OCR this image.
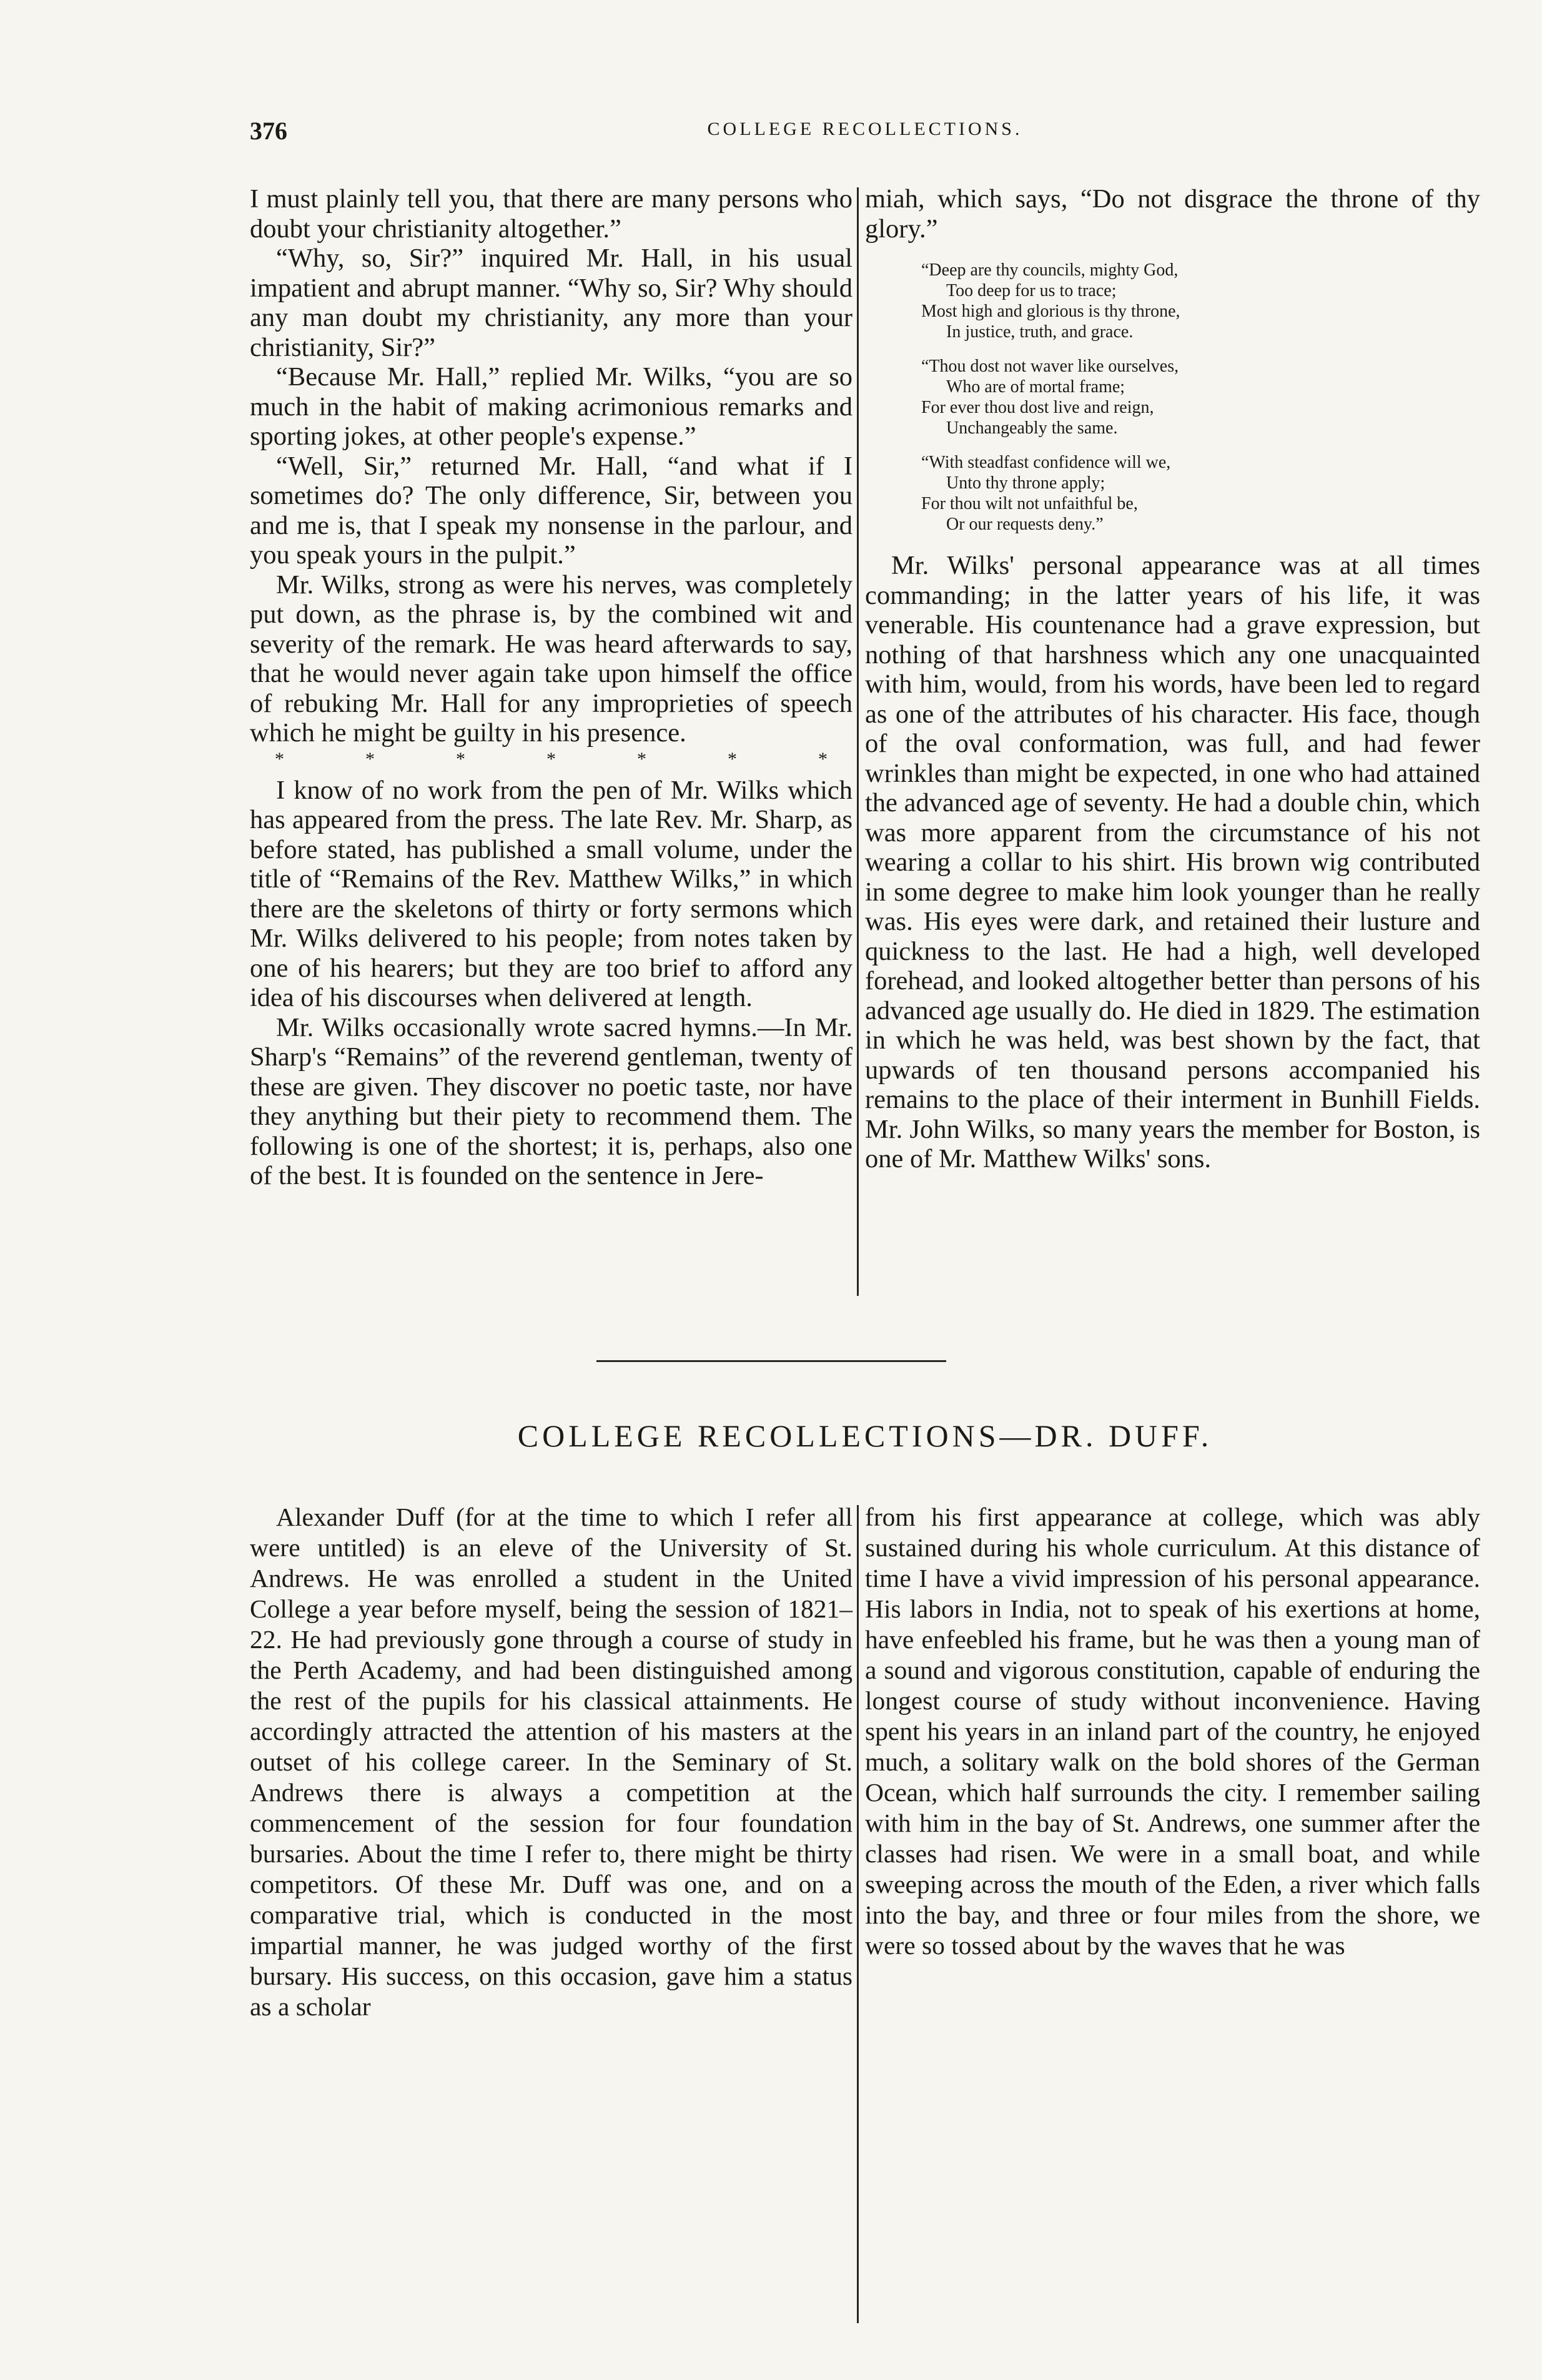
376	COLLEGE RECOLLECTIONS.

I must plainly tell you, that there are many persons who doubt your christianity altogether.”

“Why, so, Sir?” inquired Mr. Hall, in his usual impatient and abrupt manner. “Why so, Sir? Why should any man doubt my christianity, any more than your christianity, Sir?”

“Because Mr. Hall,” replied Mr. Wilks, “you are so much in the habit of making acrimonious remarks and sporting jokes, at other people's expense.”

“Well, Sir,” returned Mr. Hall, “and what if I sometimes do? The only difference, Sir, between you and me is, that I speak my nonsense in the parlour, and you speak yours in the pulpit.”

Mr. Wilks, strong as were his nerves, was completely put down, as the phrase is, by the combined wit and severity of the remark. He was heard afterwards to say, that he would never again take upon himself the office of rebuking Mr. Hall for any improprieties of speech which he might be guilty in his presence.

*	*	*	*	*	*	*

I know of no work from the pen of Mr. Wilks which has appeared from the press. The late Rev. Mr. Sharp, as before stated, has published a small volume, under the title of “Remains of the Rev. Matthew Wilks,” in which there are the skeletons of thirty or forty sermons which Mr. Wilks delivered to his people; from notes taken by one of his hearers; but they are too brief to afford any idea of his discourses when delivered at length.

Mr. Wilks occasionally wrote sacred hymns.—In Mr. Sharp's “Remains” of the reverend gentleman, twenty of these are given. They discover no poetic taste, nor have they anything but their piety to recommend them. The following is one of the shortest; it is, perhaps, also one of the best. It is founded on the sentence in Jere-

miah, which says, “Do not disgrace the throne of thy glory.”

“Deep are thy councils, mighty God,
Too deep for us to trace;
Most high and glorious is thy throne,
In justice, truth, and grace.
“Thou dost not waver like ourselves,
Who are of mortal frame;
For ever thou dost live and reign,
Unchangeably the same.
“With steadfast confidence will we,
Unto thy throne apply;
For thou wilt not unfaithful be,
Or our requests deny.”

Mr. Wilks' personal appearance was at all times commanding; in the latter years of his life, it was venerable. His countenance had a grave expression, but nothing of that harshness which any one unacquainted with him, would, from his words, have been led to regard as one of the attributes of his character. His face, though of the oval conformation, was full, and had fewer wrinkles than might be expected, in one who had attained the advanced age of seventy. He had a double chin, which was more apparent from the circumstance of his not wearing a collar to his shirt. His brown wig contributed in some degree to make him look younger than he really was. His eyes were dark, and retained their lusture and quickness to the last. He had a high, well developed forehead, and looked altogether better than persons of his advanced age usually do. He died in 1829. The estimation in which he was held, was best shown by the fact, that upwards of ten thousand persons accompanied his remains to the place of their interment in Bunhill Fields. Mr. John Wilks, so many years the member for Boston, is one of Mr. Matthew Wilks' sons.

COLLEGE RECOLLECTIONS—DR. DUFF.

Alexander Duff (for at the time to which I refer all were untitled) is an eleve of the University of St. Andrews. He was enrolled a student in the United College a year before myself, being the session of 1821–22. He had previously gone through a course of study in the Perth Academy, and had been distinguished among the rest of the pupils for his classical attainments. He accordingly attracted the attention of his masters at the outset of his college career. In the Seminary of St. Andrews there is always a competition at the commencement of the session for four foundation bursaries. About the time I refer to, there might be thirty competitors. Of these Mr. Duff was one, and on a comparative trial, which is conducted in the most impartial manner, he was judged worthy of the first bursary. His success, on this occasion, gave him a status as a scholar

from his first appearance at college, which was ably sustained during his whole curriculum. At this distance of time I have a vivid impression of his personal appearance. His labors in India, not to speak of his exertions at home, have enfeebled his frame, but he was then a young man of a sound and vigorous constitution, capable of enduring the longest course of study without inconvenience. Having spent his years in an inland part of the country, he enjoyed much, a solitary walk on the bold shores of the German Ocean, which half surrounds the city. I remember sailing with him in the bay of St. Andrews, one summer after the classes had risen. We were in a small boat, and while sweeping across the mouth of the Eden, a river which falls into the bay, and three or four miles from the shore, we were so tossed about by the waves that he was
